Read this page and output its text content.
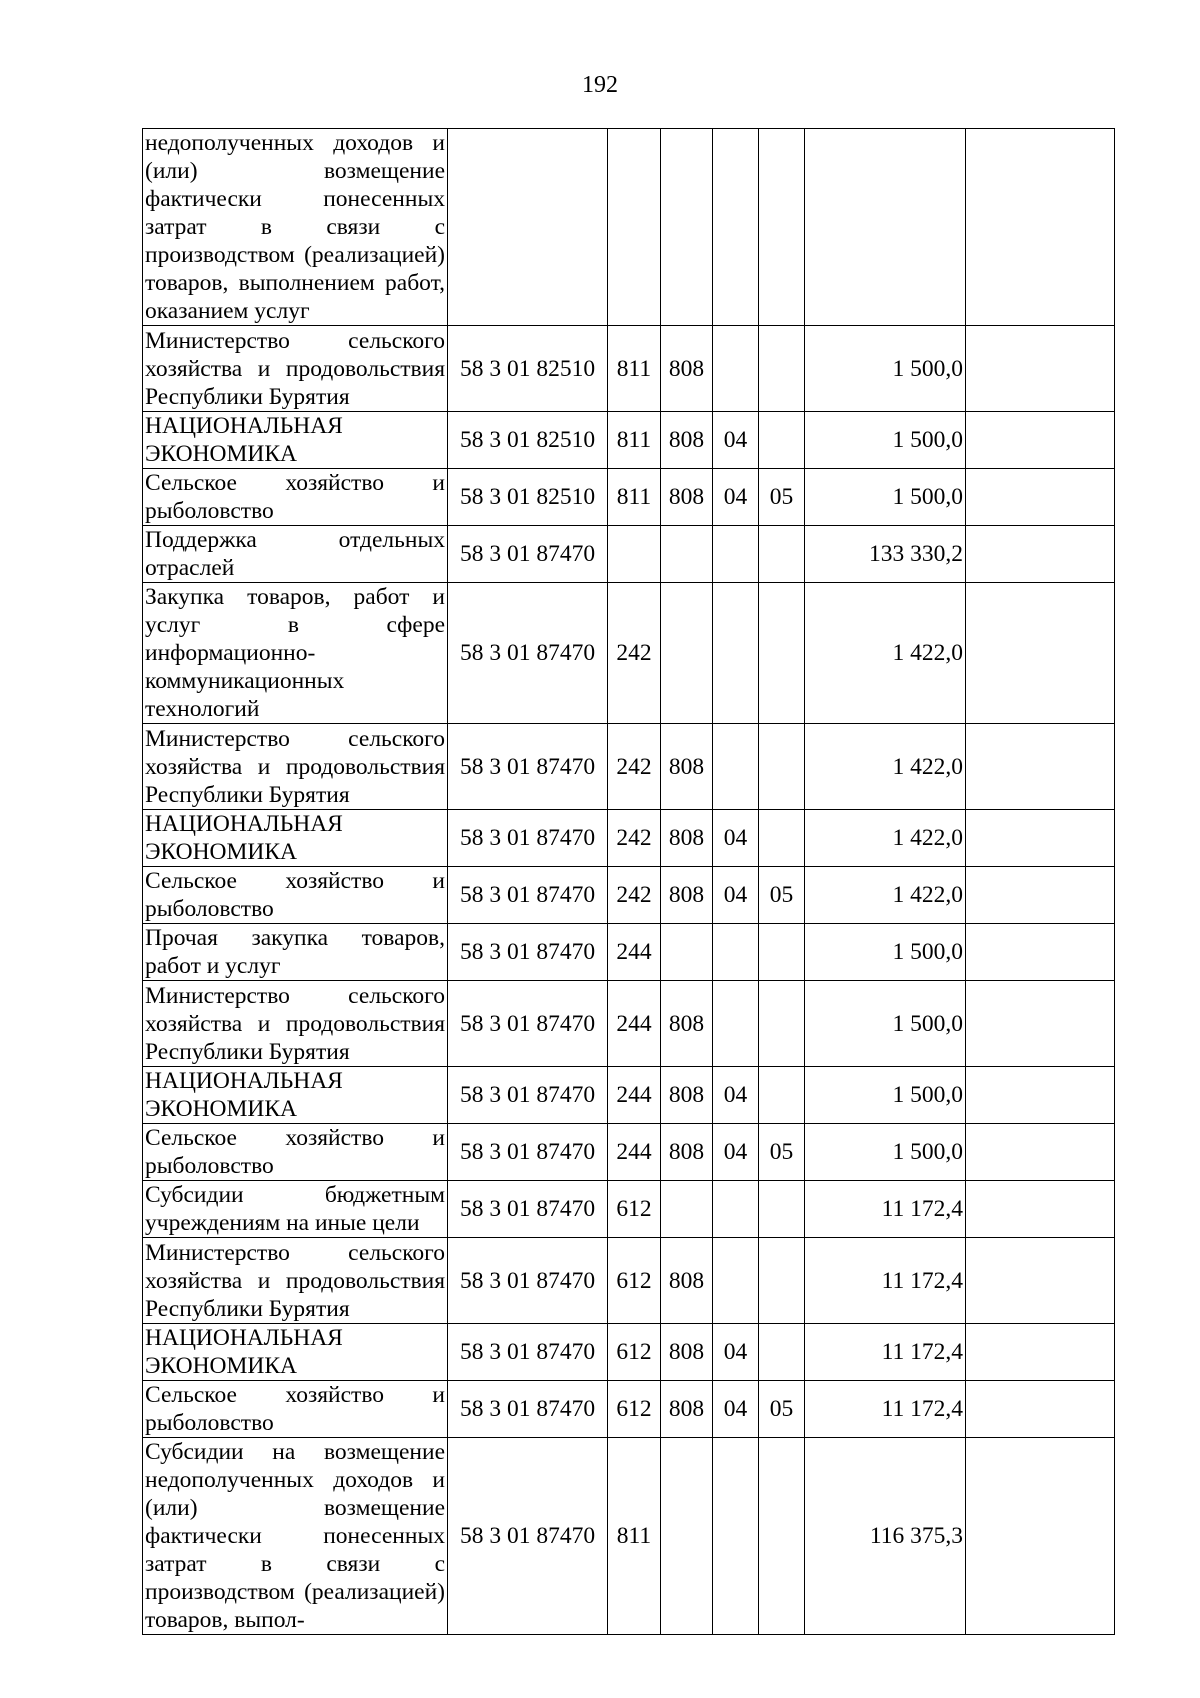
192
недополученных доходов и (или) возмещение фактически понесенных затрат в связи с производством (реализацией) товаров, выполнением работ, оказанием услуг							
Министерство сельского хозяйства и продовольствия Республики Бурятия	58 3 01 82510	811	808			1 500,0	
НАЦИОНАЛЬНАЯ ЭКОНОМИКА	58 3 01 82510	811	808	04		1 500,0	
Сельское хозяйство и рыболовство	58 3 01 82510	811	808	04	05	1 500,0	
Поддержка отдельных отраслей	58 3 01 87470					133 330,2	
Закупка товаров, работ и услуг в сфере информационно-коммуникационных технологий	58 3 01 87470	242				1 422,0	
Министерство сельского хозяйства и продовольствия Республики Бурятия	58 3 01 87470	242	808			1 422,0	
НАЦИОНАЛЬНАЯ ЭКОНОМИКА	58 3 01 87470	242	808	04		1 422,0	
Сельское хозяйство и рыболовство	58 3 01 87470	242	808	04	05	1 422,0	
Прочая закупка товаров, работ и услуг	58 3 01 87470	244				1 500,0	
Министерство сельского хозяйства и продовольствия Республики Бурятия	58 3 01 87470	244	808			1 500,0	
НАЦИОНАЛЬНАЯ ЭКОНОМИКА	58 3 01 87470	244	808	04		1 500,0	
Сельское хозяйство и рыболовство	58 3 01 87470	244	808	04	05	1 500,0	
Субсидии бюджетным учреждениям на иные цели	58 3 01 87470	612				11 172,4	
Министерство сельского хозяйства и продовольствия Республики Бурятия	58 3 01 87470	612	808			11 172,4	
НАЦИОНАЛЬНАЯ ЭКОНОМИКА	58 3 01 87470	612	808	04		11 172,4	
Сельское хозяйство и рыболовство	58 3 01 87470	612	808	04	05	11 172,4	
Субсидии на возмещение недополученных доходов и (или) возмещение фактически понесенных затрат в связи с производством (реализацией) товаров, выпол-	58 3 01 87470	811				116 375,3	
